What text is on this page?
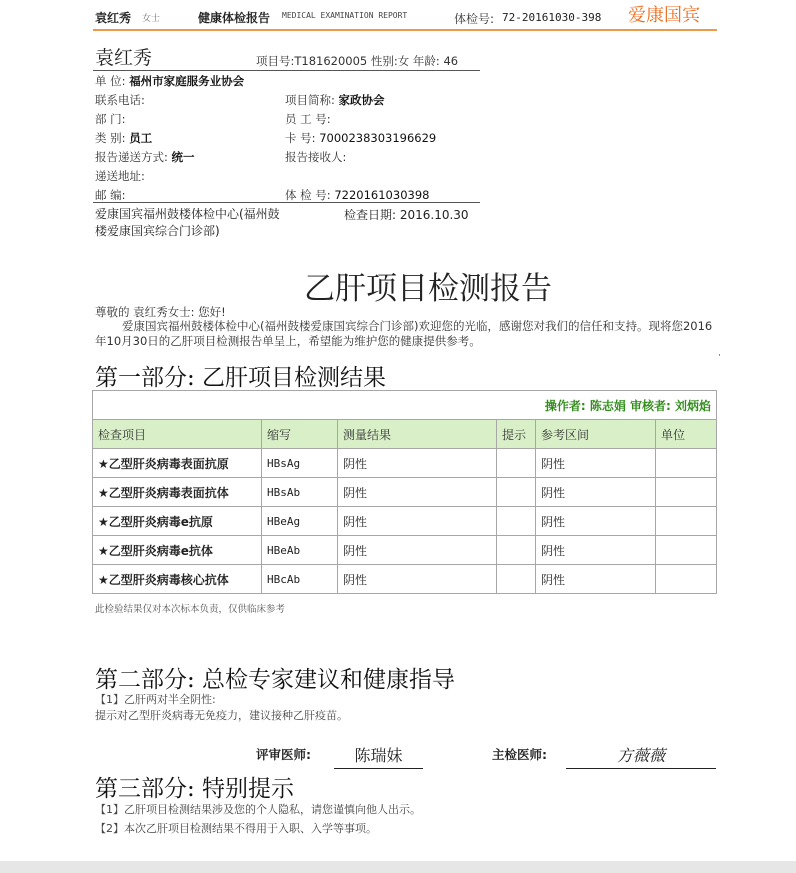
袁红秀 女士	健康体检报告 MEDICAL EXAMINATION REPORT	体检号: 72-20161030-398 爱康国宾
袁红秀	项目号:T181620005 性别:女 年龄: 46
单 位: 福州市家庭服务业协会
联系电话:	项目简称: 家政协会
部 门:	员 工 号:
类 别: 员工	卡 号: 7000238303196629
报告递送方式: 统一	报告接收人:
递送地址:
邮 编:	体 检 号: 7220161030398
爱康国宾福州鼓楼体检中心(福州鼓楼爱康国宾综合门诊部)
检查日期: 2016.10.30
乙肝项目检测报告
尊敬的 袁红秀女士: 您好!
爱康国宾福州鼓楼体检中心(福州鼓楼爱康国宾综合门诊部)欢迎您的光临，感谢您对我们的信任和支持。现将您2016年10月30日的乙肝项目检测报告单呈上，希望能为维护您的健康提供参考。
·
第一部分: 乙肝项目检测结果
操作者: 陈志娟 审核者: 刘炳焰					
检查项目	缩写	测量结果	提示	参考区间	单位
★乙型肝炎病毒表面抗原	HBsAg	阴性		阴性	
★乙型肝炎病毒表面抗体	HBsAb	阴性		阴性	
★乙型肝炎病毒e抗原	HBeAg	阴性		阴性	
★乙型肝炎病毒e抗体	HBeAb	阴性		阴性	
★乙型肝炎病毒核心抗体	HBcAb	阴性		阴性	
此检验结果仅对本次标本负责，仅供临床参考
第二部分: 总检专家建议和健康指导
【1】乙肝两对半全阴性:
提示对乙型肝炎病毒无免疫力，建议接种乙肝疫苗。
评审医师:	陈瑞妹	主检医师:	方薇薇
第三部分: 特别提示
【1】乙肝项目检测结果涉及您的个人隐私，请您谨慎向他人出示。
【2】本次乙肝项目检测结果不得用于入职、入学等事项。
